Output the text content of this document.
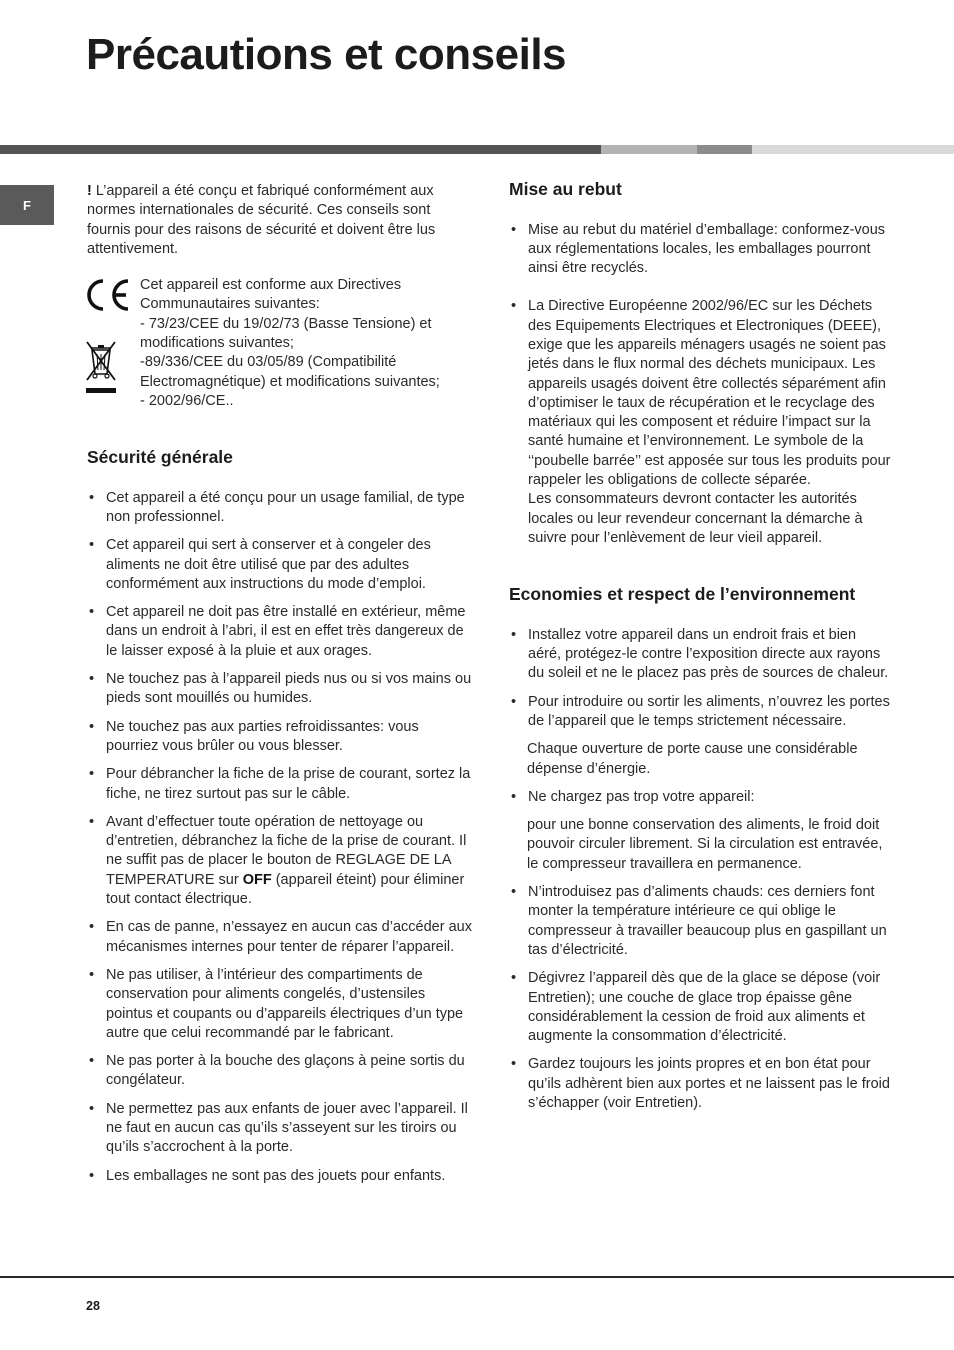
Précautions et conseils
F

! L’appareil a été conçu et fabriqué conformément aux normes internationales de sécurité. Ces conseils sont fournis pour des raisons de sécurité et doivent être lus attentivement.

Cet appareil est conforme aux Directives Communautaires suivantes:

- 73/23/CEE du 19/02/73 (Basse Tensione) et modifications suivantes;

-89/336/CEE du 03/05/89 (Compatibilité Electromagnétique) et modifications suivantes;

- 2002/96/CE..

Sécurité générale
• Cet appareil a été conçu pour un usage familial, de type non professionnel.
• Cet appareil qui sert à conserver et à congeler des aliments ne doit être utilisé que par des adultes conformément aux instructions du mode d’emploi.
• Cet appareil ne doit pas être installé en extérieur, même dans un endroit à l’abri, il est en effet très dangereux de le laisser exposé à la pluie et aux orages.
• Ne touchez pas à l’appareil pieds nus ou si vos mains ou pieds sont mouillés ou humides.
• Ne touchez pas aux parties refroidissantes: vous pourriez vous brûler ou vous blesser.
• Pour débrancher la fiche de la prise de courant, sortez la fiche, ne tirez surtout pas sur le câble.
• Avant d’effectuer toute opération de nettoyage ou d’entretien, débranchez la fiche de la prise de courant. Il ne suffit pas de placer le bouton de REGLAGE DE LA TEMPERATURE sur OFF (appareil éteint) pour éliminer tout contact électrique.
• En cas de panne, n’essayez en aucun cas d’accéder aux mécanismes internes pour tenter de réparer l’appareil.
• Ne pas utiliser, à l’intérieur des compartiments de conservation pour aliments congelés, d’ustensiles pointus et coupants ou d’appareils électriques d’un type autre que celui recommandé par le fabricant.
• Ne pas porter à la bouche des glaçons à peine sortis du congélateur.
• Ne permettez pas aux enfants de jouer avec l’appareil. Il ne faut en aucun cas qu’ils s’asseyent sur les tiroirs ou qu’ils s’accrochent à la porte.
• Les emballages ne sont pas des jouets pour enfants.
Mise au rebut
• Mise au rebut du matériel d’emballage: conformez-vous aux réglementations locales, les emballages pourront ainsi être recyclés.
• La Directive Européenne 2002/96/EC sur les Déchets des Equipements Electriques et Electroniques (DEEE), exige que les appareils ménagers usagés ne soient pas jetés dans le flux normal des déchets municipaux. Les appareils usagés doivent être collectés séparément afin d’optimiser le taux de récupération et le recyclage des matériaux qui les composent et réduire l’impact sur la santé humaine et l’environnement. Le symbole de la ‘‘poubelle barrée’’ est apposée sur tous les produits pour rappeler les obligations de collecte séparée.
Les consommateurs devront contacter les autorités locales ou leur revendeur concernant la démarche à suivre pour l’enlèvement de leur vieil appareil.
Economies et respect de l’environnement
• Installez votre appareil dans un endroit frais et bien aéré, protégez-le contre l’exposition directe aux rayons du soleil et ne le placez pas près de sources de chaleur.
• Pour introduire ou sortir les aliments, n’ouvrez les portes de l’appareil que le temps strictement nécessaire.

Chaque ouverture de porte cause une considérable dépense d’énergie.

• Ne chargez pas trop votre appareil:

pour une bonne conservation des aliments, le froid doit pouvoir circuler librement. Si la circulation est entravée, le compresseur travaillera en permanence.

• N’introduisez pas d’aliments chauds: ces derniers font monter la température intérieure ce qui oblige le compresseur à travailler beaucoup plus en gaspillant un tas d’électricité.
• Dégivrez l’appareil dès que de la glace se dépose (voir Entretien); une couche de glace trop épaisse gêne considérablement la cession de froid aux aliments et augmente la consommation d’électricité.
• Gardez toujours les joints propres et en bon état pour qu’ils adhèrent bien aux portes et ne laissent pas le froid s’échapper (voir Entretien).
28
